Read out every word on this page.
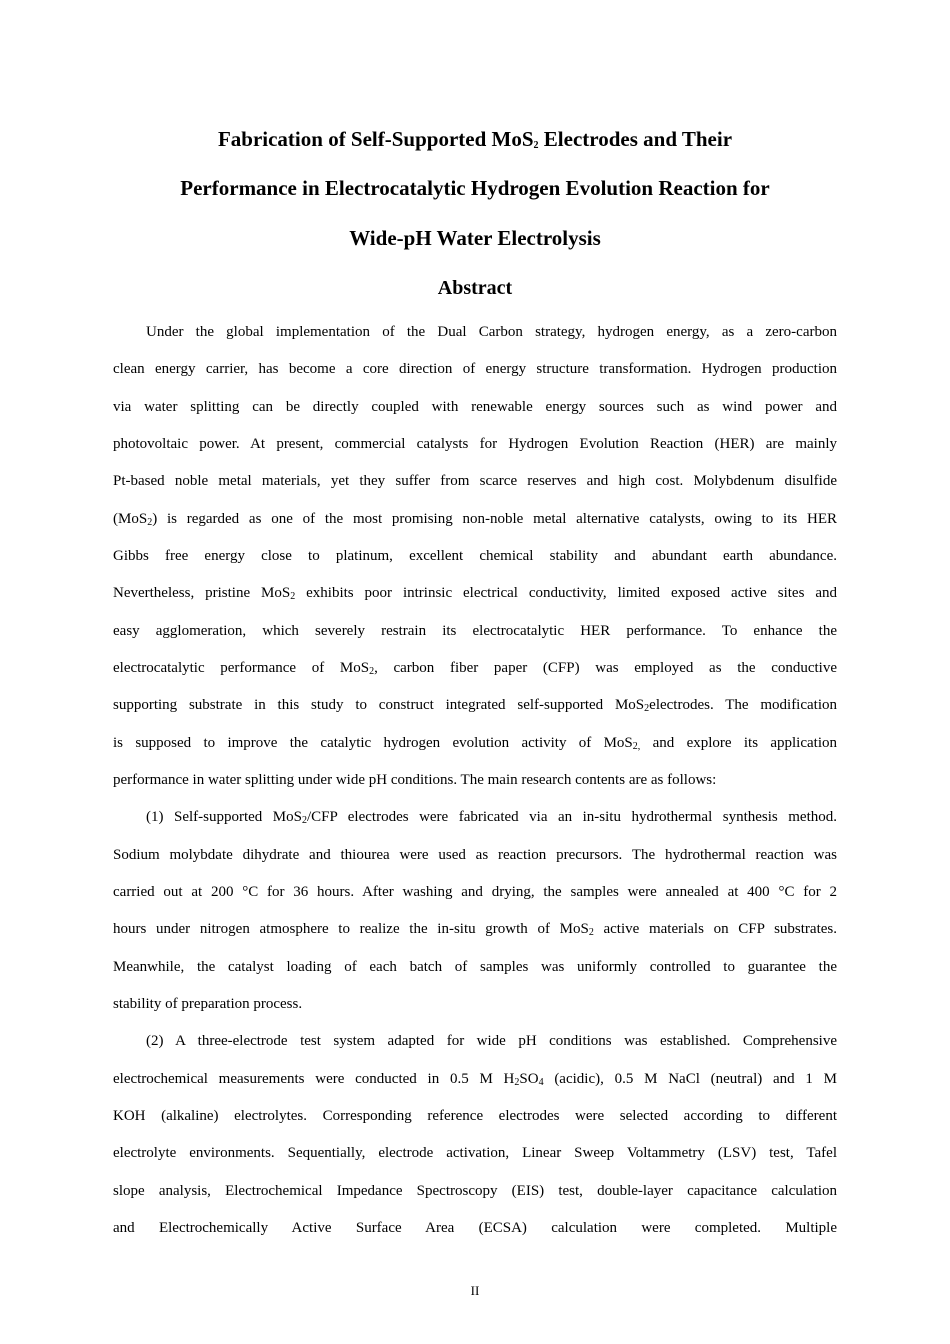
Fabrication of Self-Supported MoS$_2$ Electrodes and Their
Performance in Electrocatalytic Hydrogen Evolution Reaction for
Wide-pH Water Electrolysis
Abstract
Under the global implementation of the Dual Carbon strategy, hydrogen energy, as a zero-carbon
clean energy carrier, has become a core direction of energy structure transformation. Hydrogen production
via water splitting can be directly coupled with renewable energy sources such as wind power and
photovoltaic power. At present, commercial catalysts for Hydrogen Evolution Reaction (HER) are mainly
Pt-based noble metal materials, yet they suffer from scarce reserves and high cost. Molybdenum disulfide
(MoS$_2$) is regarded as one of the most promising non-noble metal alternative catalysts, owing to its HER
Gibbs free energy close to platinum, excellent chemical stability and abundant earth abundance.
Nevertheless, pristine MoS$_2$ exhibits poor intrinsic electrical conductivity, limited exposed active sites and
easy agglomeration, which severely restrain its electrocatalytic HER performance. To enhance the
electrocatalytic performance of MoS$_2$, carbon fiber paper (CFP) was employed as the conductive
supporting substrate in this study to construct integrated self-supported MoS$_2$electrodes. The modification
is supposed to improve the catalytic hydrogen evolution activity of MoS$_{2,}$ and explore its application
performance in water splitting under wide pH conditions. The main research contents are as follows:
(1) Self-supported MoS$_2$/CFP electrodes were fabricated via an in-situ hydrothermal synthesis method.
Sodium molybdate dihydrate and thiourea were used as reaction precursors. The hydrothermal reaction was
carried out at 200 °C for 36 hours. After washing and drying, the samples were annealed at 400 °C for 2
hours under nitrogen atmosphere to realize the in-situ growth of MoS$_2$ active materials on CFP substrates.
Meanwhile, the catalyst loading of each batch of samples was uniformly controlled to guarantee the
stability of preparation process.
(2) A three-electrode test system adapted for wide pH conditions was established. Comprehensive
electrochemical measurements were conducted in 0.5 M $H_2SO_4$ (acidic), 0.5 M NaCl (neutral) and 1 M
KOH (alkaline) electrolytes. Corresponding reference electrodes were selected according to different
electrolyte environments. Sequentially, electrode activation, Linear Sweep Voltammetry (LSV) test, Tafel
slope analysis, Electrochemical Impedance Spectroscopy (EIS) test, double-layer capacitance calculation
and Electrochemically Active Surface Area (ECSA) calculation were completed. Multiple
II
